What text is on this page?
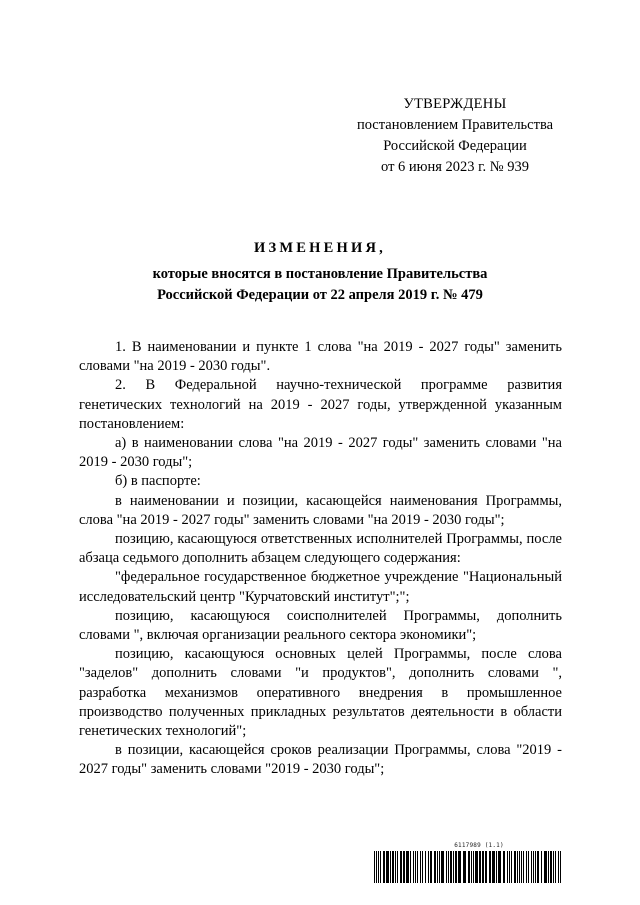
УТВЕРЖДЕНЫ
постановлением Правительства
Российской Федерации
от 6 июня 2023 г. № 939
ИЗМЕНЕНИЯ,
которые вносятся в постановление Правительства
Российской Федерации от 22 апреля 2019 г. № 479

1. В наименовании и пункте 1 слова "на 2019 - 2027 годы" заменить словами "на 2019 - 2030 годы".

2. В Федеральной научно-технической программе развития генетических технологий на 2019 - 2027 годы, утвержденной указанным постановлением:

а) в наименовании слова "на 2019 - 2027 годы" заменить словами "на 2019 - 2030 годы";

б) в паспорте:

в наименовании и позиции, касающейся наименования Программы, слова "на 2019 - 2027 годы" заменить словами "на 2019 - 2030 годы";

позицию, касающуюся ответственных исполнителей Программы, после абзаца седьмого дополнить абзацем следующего содержания:

"федеральное государственное бюджетное учреждение "Национальный исследовательский центр "Курчатовский институт";";

позицию, касающуюся соисполнителей Программы, дополнить словами ", включая организации реального сектора экономики";

позицию, касающуюся основных целей Программы, после слова "заделов" дополнить словами "и продуктов", дополнить словами ", разработка механизмов оперативного внедрения в промышленное производство полученных прикладных результатов деятельности в области генетических технологий";

в позиции, касающейся сроков реализации Программы, слова "2019 - 2027 годы" заменить словами "2019 - 2030 годы";

6117989 (1.1)
